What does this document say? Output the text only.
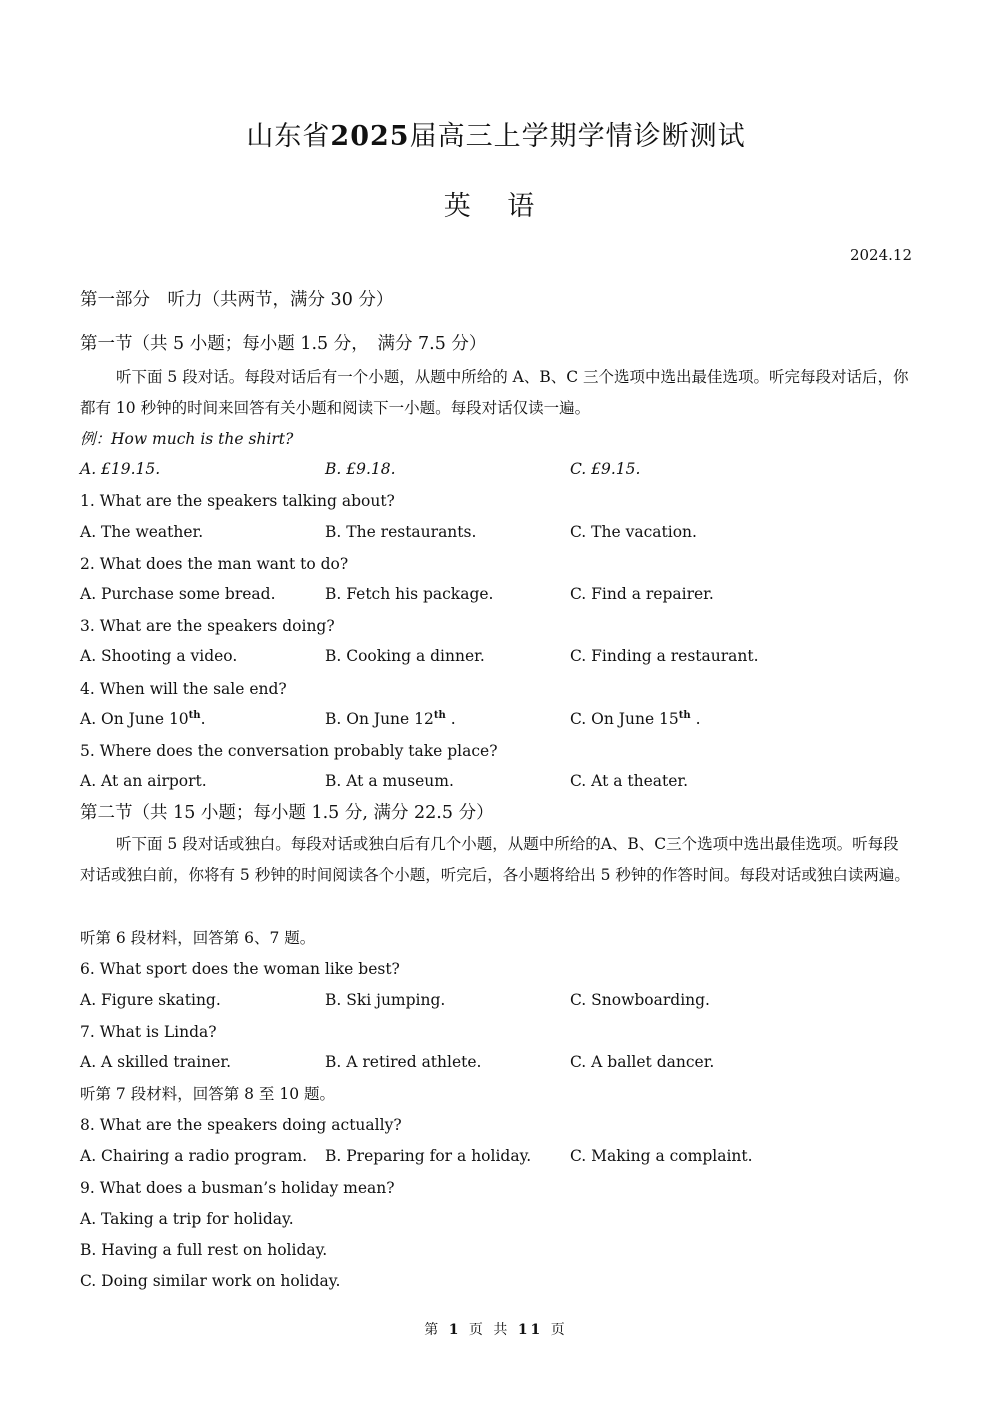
山东省2025届高三上学期学情诊断测试
英 语
2024.12
第一部分　听力（共两节，满分 30 分）
第一节（共 5 小题；每小题 1.5 分，　满分 7.5 分）
听下面 5 段对话。每段对话后有一个小题，从题中所给的 A、B、C 三个选项中选出最佳选项。听完每段对话后，你都有 10 秒钟的时间来回答有关小题和阅读下一小题。每段对话仅读一遍。
例：How much is the shirt?
A. £19.15.	B. £9.18.	C. £9.15.
1. What are the speakers talking about?
A. The weather.	B. The restaurants.	C. The vacation.
2. What does the man want to do?
A. Purchase some bread.	B. Fetch his package.	C. Find a repairer.
3. What are the speakers doing?
A. Shooting a video.	B. Cooking a dinner.	C. Finding a restaurant.
4. When will the sale end?
A. On June 10th.	B. On June 12th .	C. On June 15th .
5. Where does the conversation probably take place?
A. At an airport.	B. At a museum.	C. At a theater.
第二节（共 15 小题；每小题 1.5 分, 满分 22.5 分）
听下面 5 段对话或独白。每段对话或独白后有几个小题，从题中所给的A、B、C三个选项中选出最佳选项。听每段对话或独白前，你将有 5 秒钟的时间阅读各个小题，听完后，各小题将给出 5 秒钟的作答时间。每段对话或独白读两遍。
听第 6 段材料，回答第 6、7 题。
6. What sport does the woman like best?
A. Figure skating.	B. Ski jumping.	C. Snowboarding.
7. What is Linda?
A. A skilled trainer.	B. A retired athlete.	C. A ballet dancer.
听第 7 段材料，回答第 8 至 10 题。
8. What are the speakers doing actually?
A. Chairing a radio program. B. Preparing for a holiday.	C. Making a complaint.
9. What does a busman’s holiday mean?
A. Taking a trip for holiday.
B. Having a full rest on holiday.
C. Doing similar work on holiday.
第 1 页 共 11 页
